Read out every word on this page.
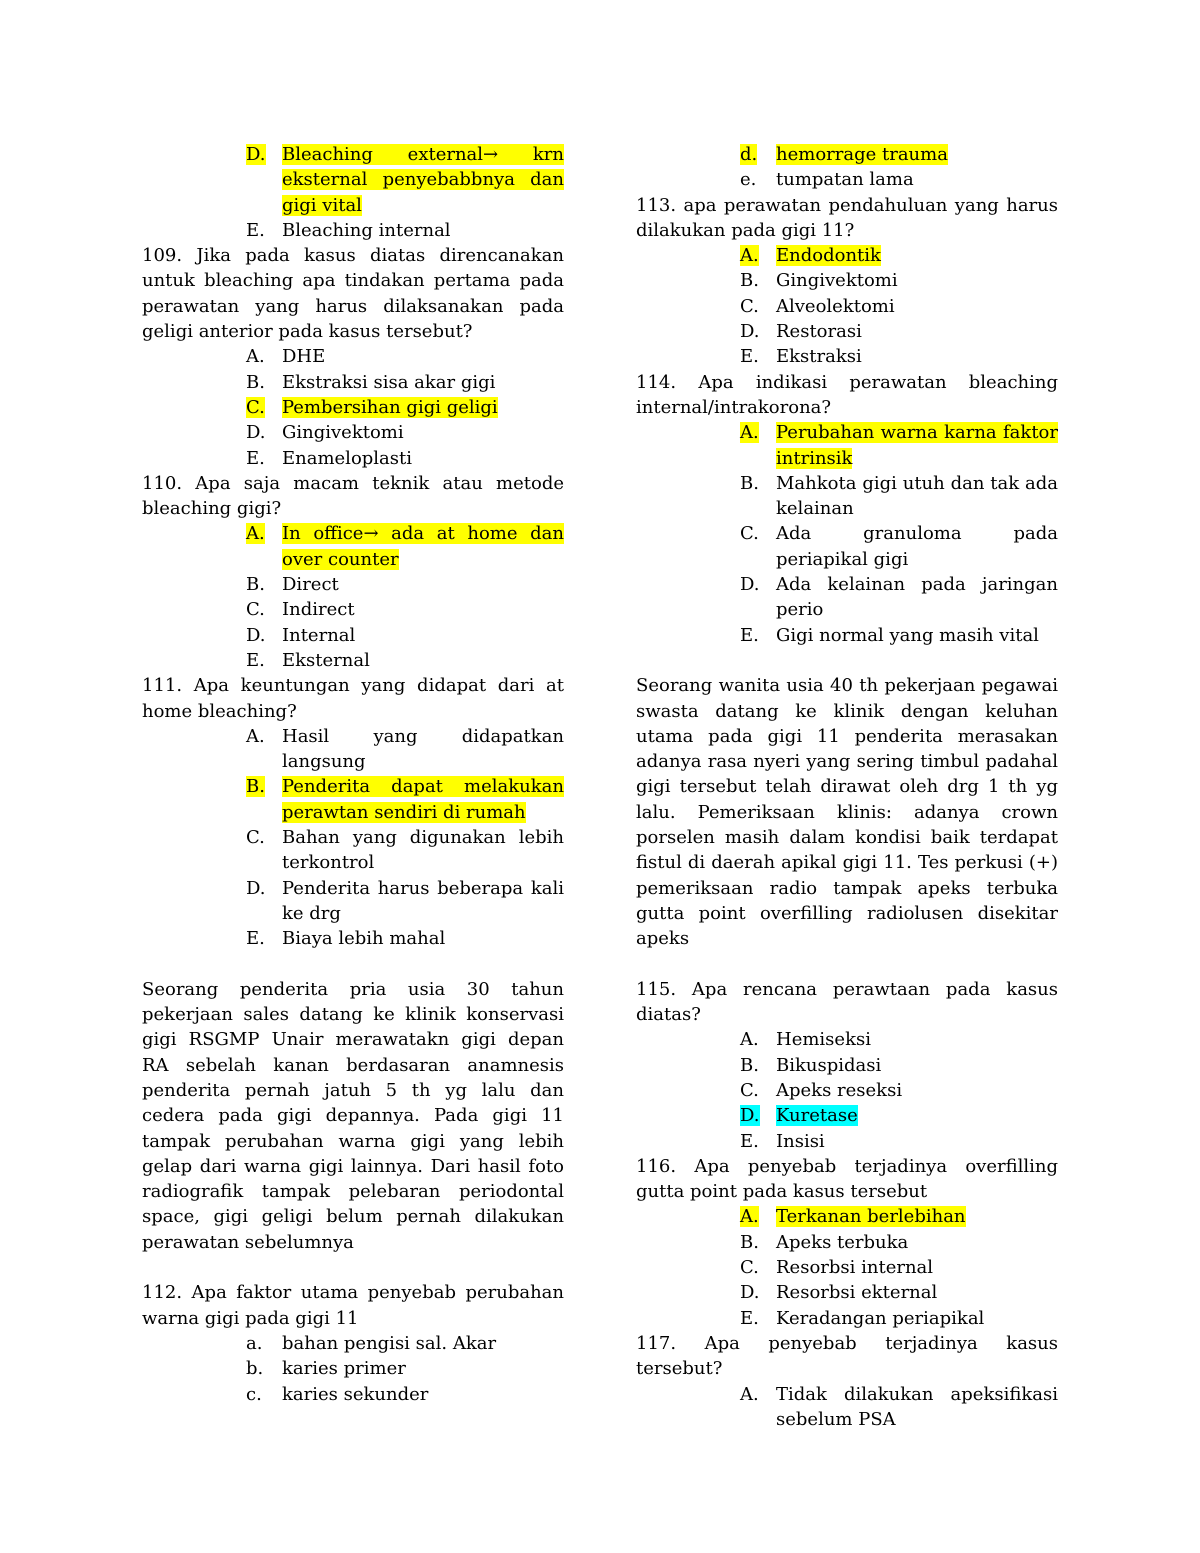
D. Bleaching external→ krn eksternal penyebabbnya dan gigi vital
E. Bleaching internal

109. Jika pada kasus diatas direncanakan untuk bleaching apa tindakan pertama pada perawatan yang harus dilaksanakan pada geligi anterior pada kasus tersebut?

A. DHE
B. Ekstraksi sisa akar gigi
C. Pembersihan gigi geligi
D. Gingivektomi
E. Enameloplasti

110. Apa saja macam teknik atau metode bleaching gigi?

A. In office→ ada at home dan over counter
B. Direct
C. Indirect
D. Internal
E. Eksternal

111. Apa keuntungan yang didapat dari at home bleaching?

A. Hasil yang didapatkan langsung
B. Penderita dapat melakukan perawtan sendiri di rumah
C. Bahan yang digunakan lebih terkontrol
D. Penderita harus beberapa kali ke drg
E. Biaya lebih mahal

Seorang penderita pria usia 30 tahun pekerjaan sales datang ke klinik konservasi gigi RSGMP Unair merawatakn gigi depan RA sebelah kanan berdasaran anamnesis penderita pernah jatuh 5 th yg lalu dan cedera pada gigi depannya. Pada gigi 11 tampak perubahan warna gigi yang lebih gelap dari warna gigi lainnya. Dari hasil foto radiografik tampak pelebaran periodontal space, gigi geligi belum pernah dilakukan perawatan sebelumnya

112. Apa faktor utama penyebab perubahan warna gigi pada gigi 11

a.	bahan pengisi sal. Akar
b.	karies primer
c.	karies sekunder
d.	hemorrage trauma
e.	tumpatan lama

113. apa perawatan pendahuluan yang harus dilakukan pada gigi 11?

A. Endodontik
B. Gingivektomi
C. Alveolektomi
D. Restorasi
E. Ekstraksi

114. Apa indikasi perawatan bleaching internal/intrakorona?

A. Perubahan warna karna faktor intrinsik
B. Mahkota gigi utuh dan tak ada kelainan
C. Ada granuloma pada periapikal gigi
D. Ada kelainan pada jaringan perio
E. Gigi normal yang masih vital

Seorang wanita usia 40 th pekerjaan pegawai swasta datang ke klinik dengan keluhan utama pada gigi 11 penderita merasakan adanya rasa nyeri yang sering timbul padahal gigi tersebut telah dirawat oleh drg 1 th yg lalu. Pemeriksaan klinis: adanya crown porselen masih dalam kondisi baik terdapat fistul di daerah apikal gigi 11. Tes perkusi (+) pemeriksaan radio tampak apeks terbuka gutta point overfilling radiolusen disekitar apeks

115. Apa rencana perawtaan pada kasus diatas?

A. Hemiseksi
B. Bikuspidasi
C. Apeks reseksi
D. Kuretase
E. Insisi

116. Apa penyebab terjadinya overfilling gutta point pada kasus tersebut

A. Terkanan berlebihan
B. Apeks terbuka
C. Resorbsi internal
D. Resorbsi ekternal
E. Keradangan periapikal

117. Apa penyebab terjadinya kasus tersebut?

A. Tidak dilakukan apeksifikasi sebelum PSA
